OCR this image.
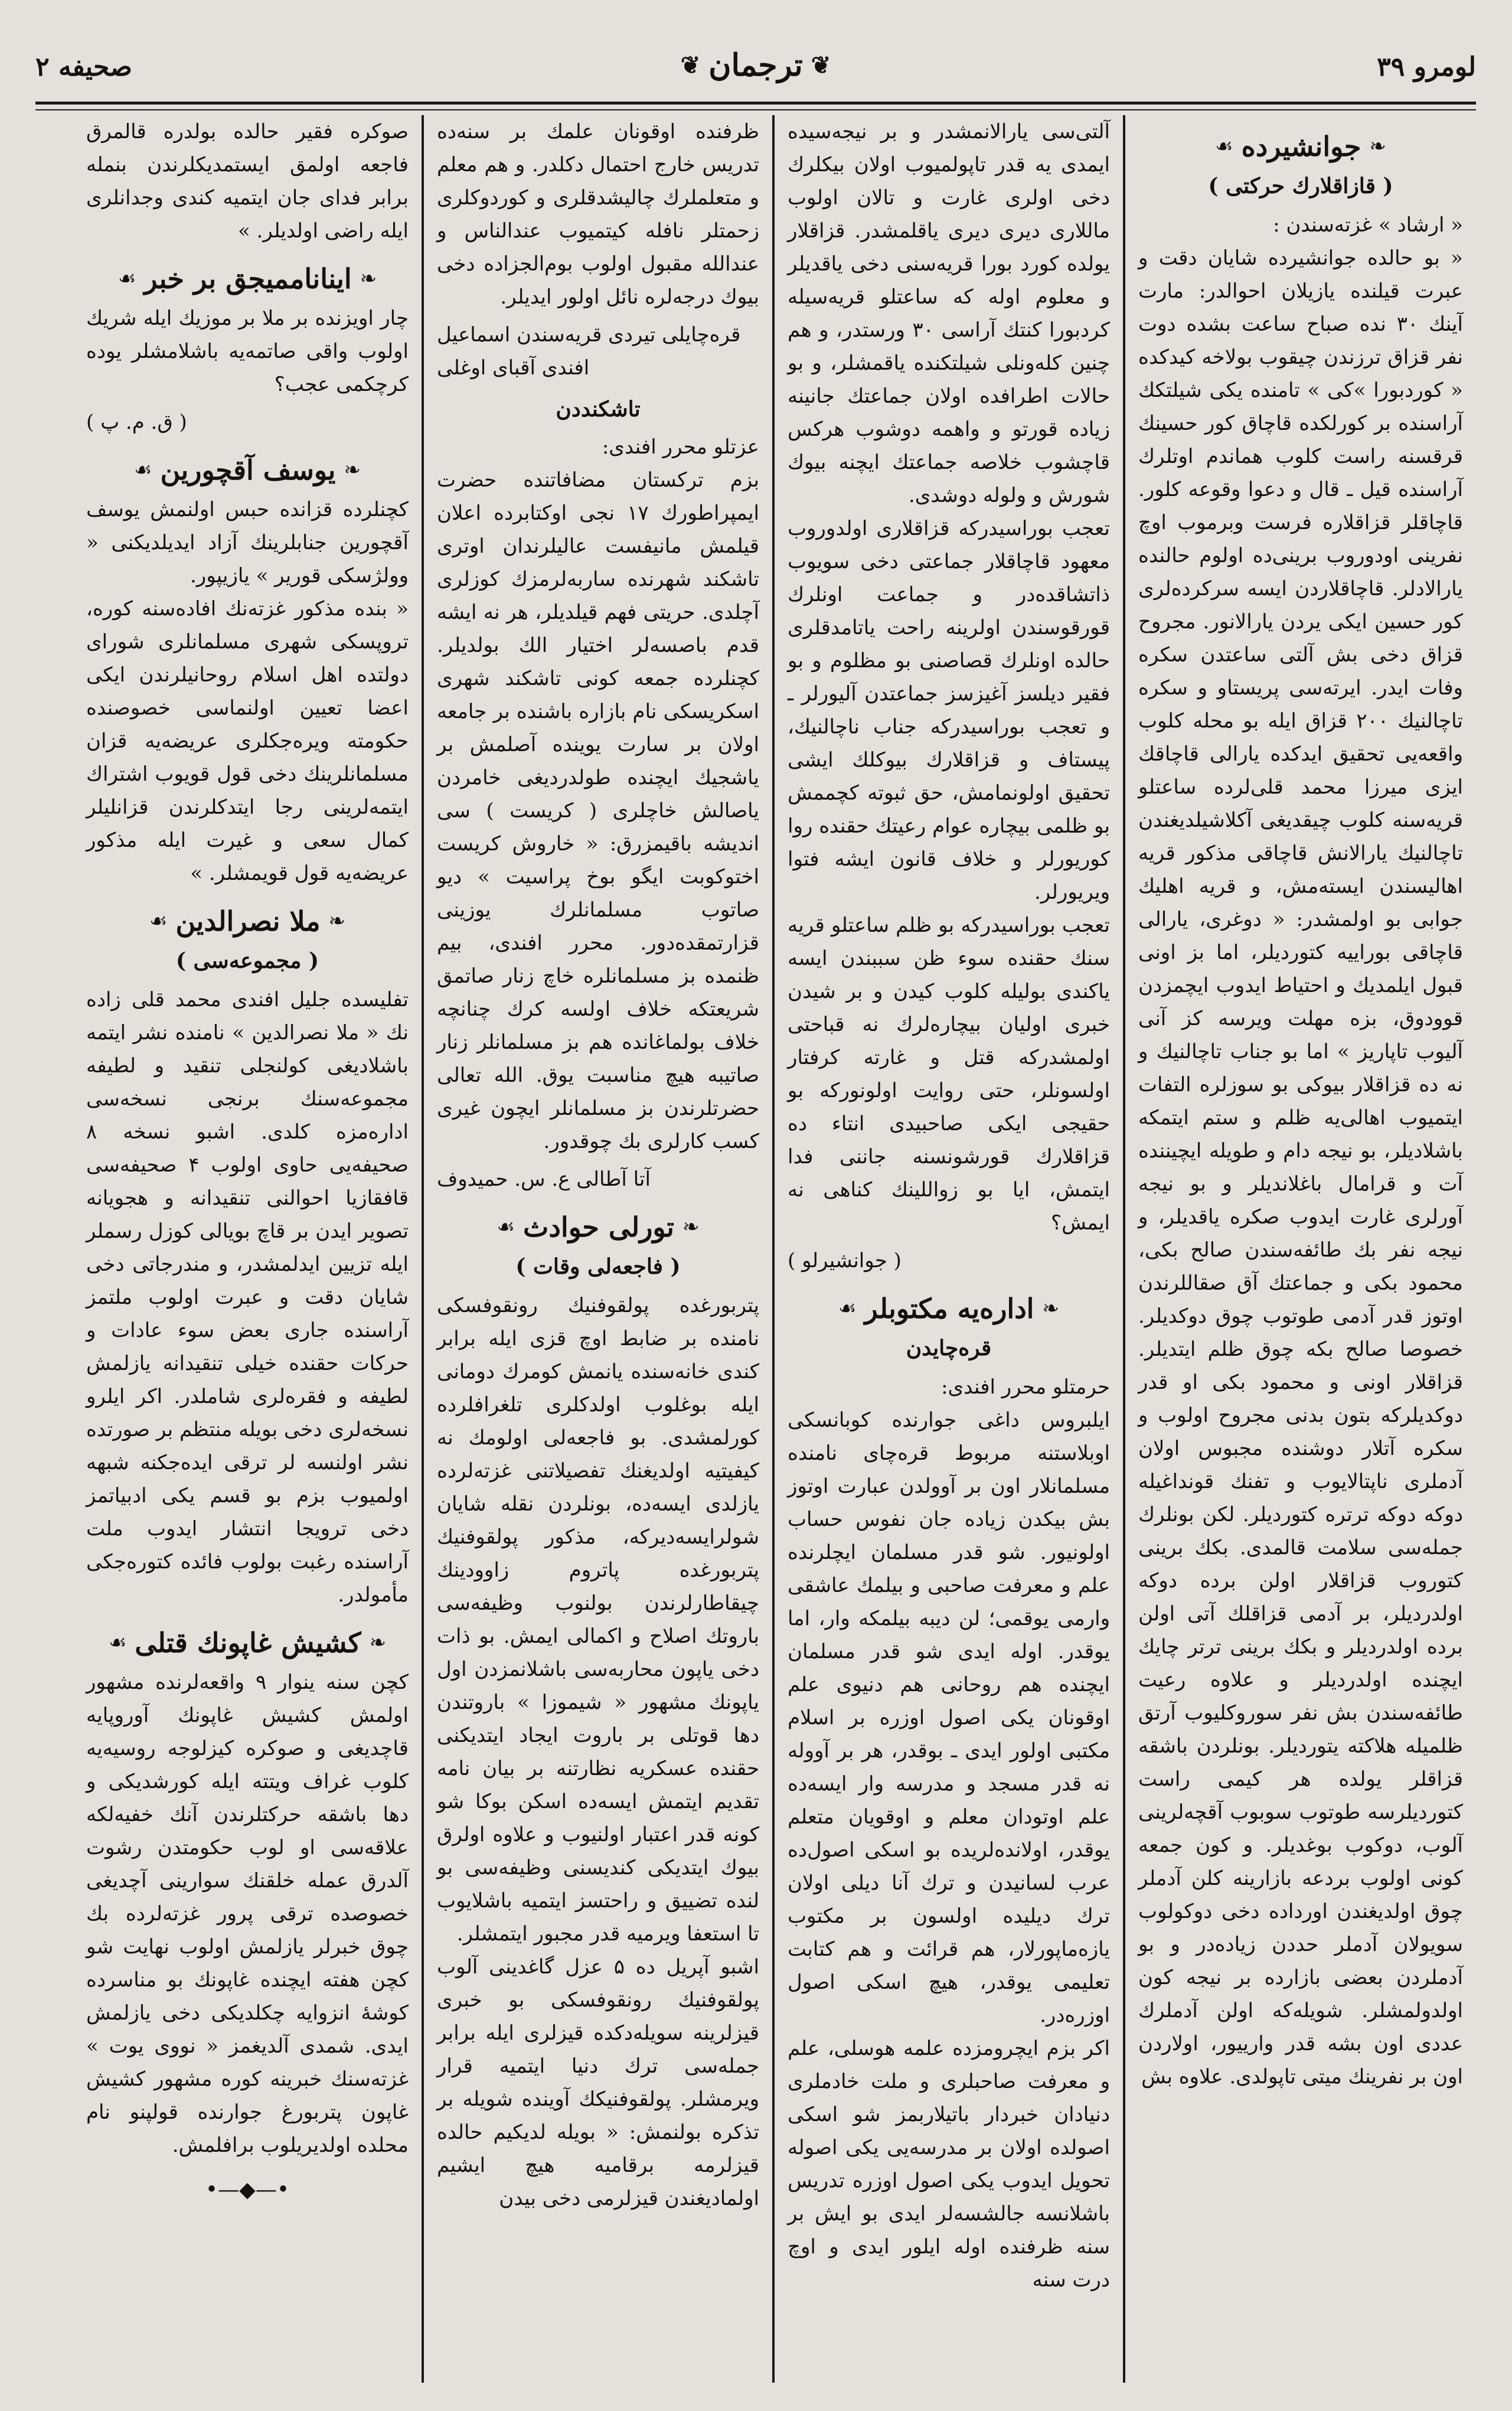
لومرو ۳۹
❦
ترجمان
❦
صحیفه ۲
❧
جوانشیرده
☙
( قازاقلارك حركتی )

« ارشاد » غزته‌سندن :

« بو حالده جوانشیرده شایان دقت و عبرت قیلنده یازیلان احوالدر: مارت آینك ۳۰ نده صباح ساعت بشده دوت نفر قزاق ترزندن چیقوب بولاخه کیدکده « کوردبورا »کی » تامنده یکی شیلتکك آراسنده بر کورلکده قاچاق کور حسینك قرقسنه راست کلوب هماندم اوتلرك آراسنده قیل ـ قال و دعوا وقوعه کلور. قاچاقلر قزاقلاره فرست وبرموب اوچ نفرینی او‌دوروب برینی‌ده اولوم حالنده یارالادلر. قاچاقلاردن ایسه سرکرده‌لری کور حسین ایکی یردن یارالانور. مجروح قزاق دخی بش آلتی ساعتدن سکره وفات ایدر. ایرته‌سی پریستاو و سکره تاچالنیك ۲۰۰ قزاق ایله بو محله کلوب واقعه‌یی تحقیق ایدکده یارالی قاچاقك ایزی میرزا محمد قلی‌لرده ساعتلو قریه‌سنه کلوب چیقدیغی آکلاشیلدیغندن تاچالنیك یارالانش قاچاقی مذکور قریه اهالیسندن ایسته‌مش، و قریه اهلیك جوابی بو اولمشدر: « دوغری، یارالی قاچاقی بوراییه کتوردیلر، اما بز اونی قبول ایلمدیك و احتیاط ایدوب ایچمزدن قوودوق، بزه مهلت ویرسه کز آنی آلیوب تاپاریز » اما بو جناب تاچالنیك و نه ده قزاقلار بیوکی بو سوزلره التفات ایتمیوب اهالی‌یه ظلم و ستم ایتمکه باشلادیلر، بو نیجه دام و طویله ایچیننده آت و قرامال باغلاندیلر و بو نیجه آورلری غارت ایدوب صکره یاقدیلر، و نیجه نفر بك طائفه‌سندن صالح بکی، محمود بکی و جماعتك آق صقاللرندن اوتوز قدر آدمی طوتوب چوق دوکدیلر. خصوصا صالح بکه چوق ظلم ایتدیلر. قزاقلار اونی و محمود بکی او قدر دوکدیلرکه بتون بدنی مجروح اولوب و سکره آتلار دوشنده مجبوس اولان آدملری ناپتالایوب و تفنك قونداغیله دوکه دوکه ترتره کتوردیلر. لکن بونلرك جمله‌سی سلامت قالمدی. بکك برینی کتوروب قزاقلار اولن برده دوکه اولدردیلر، بر آدمی قزاقلك آتی اولن برده اولدردیلر و بکك برینی ترتر چایك ایچنده اولدردیلر و علاوه رعیت طائفه‌سندن بش نفر سوروکلیوب آرتق ظلمیله هلاکته یتوردیلر. بونلردن باشقه قزاقلر یولده هر کیمی راست کتوردیلرسه طوتوب سوبوب آقچه‌لرینی آلوب، دوکوب بوغدیلر. و کون جمعه کونی اولوب بردعه بازارینه کلن آدملر چوق اولدیغندن اورداده دخی دوکولوب سویولان آدملر حددن زیاده‌در و بو آدملردن بعضی بازارده بر نیجه کون اولدولمشلر. شویله‌که اولن آدملرك عددی اون بشه قدر وارییور، اولاردن اون بر نفرینك میتی تاپولدی. علاوه بش

آلتی‌سی یارالانمشدر و بر نیجه‌سیده ایمدی یه قدر تاپولمیوب اولان بیکلرك دخی اولری غارت و تالان اولوب ماللاری دیری دیری یاقلمشدر. قزاقلار یولده کورد بورا قریه‌سنی دخی یاقدیلر و معلوم اوله که ساعتلو قریه‌سیله کردبورا کنتك آراسی ۳۰ ورستدر، و هم چنین کله‌ونلی شیلتکنده یاقمشلر، و بو حالات اطرافده اولان جماعتك جانینه زیاده قورتو و واهمه دوشوب هرکس قاچشوب خلاصه جماعتك ایچنه بیوك شورش و ولوله دوشدی.

تعجب بوراسیدرکه قزاقلاری اولدوروب معهود قاچاقلار جماعتی دخی سویوب ذاتشاقده‌در و جماعت اونلرك قورقوسندن اولرینه راحت یاتامدقلری حالده اونلرك قصاصنی بو مظلوم و بو فقیر دیلسز آغیزسز جماعتدن آلیورلر ـ و تعجب بوراسیدرکه جناب ناچالنیك، پیستاف و قزاقلارك بیوکلك ایشی تحقیق اولونمامش، حق ثبوته کچممش بو ظلمی بیچاره عوام رعیتك حقنده روا کوریورلر و خلاف قانون ایشه فتوا ویریورلر.

تعجب بوراسیدرکه بو ظلم ساعتلو قریه سنك حقنده سوء ظن سببندن ایسه یاکندی بولیله کلوب کیدن و بر شیدن خبری اولیان بیچاره‌لرك نه قباحتی اولمشدرکه قتل و غارته کرفتار اولسونلر، حتی روایت اولونورکه بو حقیجی ایکی صاحبیدی انتاء ده قزاقلارك قورشونسنه جاننی فدا ایتمش، ایا بو زواللینك کناهی نه ایمش؟

( جوانشیرلو )
❧
اداره‌یه مکتوبلر
☙
قره‌چایدن

حرمتلو محرر افندی:

ایلبروس داغی جوارنده کوبانسکی اوبلاستنه مربوط قره‌چای نامنده مسلمانلار اون بر آوولدن عبارت اوتوز بش بیکدن زیاده جان نفوس حساب اولونیور. شو قدر مسلمان ایچلرنده علم و معرفت صاحبی و بیلمك عاشقی وارمی یوقمی؛ لن دیبه بیلمکه وار، اما یوقدر. اوله ایدی شو قدر مسلمان ایچنده هم روحانی هم دنیوی علم اوقونان یکی اصول اوزره بر اسلام مکتبی اولور ایدی ـ بوقدر، هر بر آووله نه قدر مسجد و مدرسه وار ایسه‌ده علم اوتودان معلم و اوقویان متعلم یوقدر، اولانده‌لریده بو اسکی اصول‌ده عرب لسانیدن و ترك آنا دیلی اولان ترك دیلیده اولسون بر مکتوب یازه‌ماپورلار، هم قرائت و هم کتابت تعلیمی یوقدر، هیچ اسکی اصول اوزره‌در.

اکر بزم ایچرومزده علمه هوسلی، علم و معرفت صاحبلری و ملت خادملری دنیادان خبردار باتیلاربمز شو اسکی اصولده اولان بر مدرسه‌یی یکی اصوله تحویل ایدوب یکی اصول اوزره تدریس باشلانسه جالشسه‌لر ایدی بو ایش بر سنه ظرفنده اوله ایلور ایدی و اوچ درت سنه

ظرفنده اوقونان علمك بر سنه‌ده تدریس خارج احتمال دکلدر. و هم معلم و متعلملرك چالیشدقلری و کوردوکلری زحمتلر نافله کیتمیوب عندالناس و عندالله مقبول اولوب بوم‌الجزاده دخی بیوك درجه‌لره نائل اولور ایدیلر.

قره‌چایلی تیردی قریه‌سندن اسماعیل افندی آقبای اوغلی
تاشکنددن

عزتلو محرر افندی:

بزم ترکستان مضافاتنده حضرت ایمپراطورك ۱۷ نجی اوکتابرده اعلان قیلمش مانیفست عالیلرندان اوتری تاشکند شهرنده ساربه‌لرمزك کوزلری آچلدی. حریتی فهم قیلدیلر، هر نه ایشه قدم باصسه‌لر اختیار الك بولدیلر. کچنلرده جمعه کونی تاشکند شهری اسکریسکی نام بازاره باشنده بر جامعه اولان بر سارت یوینده آصلمش بر یاشجیك ایچنده طولدردیغی خامردن یاصالش خاچلری ( کریست ) سی اندیشه باقیمزرق: « خاروش کریست اختوکوبت ایگو بوخ پراسیت » دیو صاتوب مسلمانلرك یوزینی قزارتمقده‌دور. محرر افندی، بیم ظنمده بز مسلمانلره خاچ زنار صاتمق شریعتکه خلاف اولسه کرك چنانچه خلاف بولماغانده هم بز مسلمانلر زنار صاتیبه هیچ مناسبت یوق. الله تعالی حضرتلرندن بز مسلمانلر ایچون غیری کسب کارلری بك چوقدور.

آتا آطالی ع. س. حمیدوف
❧
تورلی حوادث
☙
( فاجعه‌لی وقات )

پتربورغده پولقوفنیك رونقوفسکی نامنده بر ضابط اوچ قزی ایله برابر کندی خانه‌سنده یانمش کومرك دومانی ایله بوغلوب اولدکلری تلغرافلرده کورلمشدی. بو فاجعه‌لی اولومك نه کیفیتیه اولدیغنك تفصیلاتنی غزته‌لرده یازلدی ایسه‌ده، بونلردن نقله شایان شولرایسه‌دیرکه، مذکور پولقوفنیك پتربورغده پاتروم زاوودینك چیقاطارلرندن بولنوب وظیفه‌سی باروتك اصلاح و اکمالی ایمش. بو ذات دخی یاپون محاربه‌سی باشلانمزدن اول یاپونك مشهور « شیموزا » باروتندن دها قوتلی بر باروت ایجاد ایتدیکنی حقنده عسکریه نظارتنه بر بیان نامه تقدیم ایتمش ایسه‌ده اسکن بوکا شو کونه قدر اعتبار اولنیوب و علاوه اولرق بیوك ایتدیکی کندیسنی وظیفه‌سی بو لنده تضییق و راحتسز ایتمیه باشلایوب تا استعفا ویرمیه قدر مجبور ایتمشلر.

اشبو آپریل ده ۵ عزل گاغدینی آلوب پولقوفنیك رونقوفسکی بو خبری قیزلرینه سویله‌دکده قیزلری ایله برابر جمله‌سی ترك دنیا ایتمیه قرار ویرمشلر. پولقوفنیکك آوینده شویله بر تذکره بولنمش: « بویله لدیکیم حالده قیزلرمه برقامیه هیچ ایشیم اولمادیغندن قیزلرمی دخی بیدن

صوکره فقیر حالده بولدره قالمرق فاجعه اولمق ایستمدیکلرندن بنمله برابر فدای جان ایتمیه کندی وجدانلری ایله راضی اولدیلر. »

❧
ایناناممیجق بر خبر
☙

چار اویزنده بر ملا بر موزیك ایله شریك اولوب واقی صاتمه‌یه باشلامشلر یوده کرچکمی عجب؟

( ق. م. پ )
❧
یوسف آقچورین
☙

کچنلرده قزانده حبس اولنمش یوسف آقچورین جنابلرینك آزاد ایدیلدیکنی « وولژسکی قوریر » یازیپور.

« بنده مذکور غزته‌نك افاده‌سنه کوره، تروپسکی شهری مسلمانلری شورای دولتده اهل اسلام روحانیلرندن ایکی اعضا تعیین اولنماسی خصوصنده حکومته ویره‌جکلری عریضه‌یه قزان مسلمانلرینك دخی قول قویوب اشتراك ایتمه‌لرینی رجا ایتدکلرندن قزانلیلر کمال سعی و غیرت ایله مذکور عریضه‌یه قول قویمشلر. »

❧
ملا نصرالدین
☙
( مجموعه‌سی )

تفلیسده جلیل افندی محمد قلی زاده نك « ملا نصرالدین » نامنده نشر ایتمه باشلادیغی کولنجلی تنقید و لطیفه مجموعه‌سنك برنجی نسخه‌سی اداره‌مزه کلدی. اشبو نسخه ۸ صحیفه‌یی حاوی اولوب ۴ صحیفه‌سی قافقازیا احوالنی تنقیدانه و هجویانه تصویر ایدن بر قاچ بویالی کوزل رسملر ایله تزیین ایدلمشدر، و مندرجاتی دخی شایان دقت و عبرت اولوب ملتمز آراسنده جاری بعض سوء عادات و حرکات حقنده خیلی تنقیدانه یازلمش لطیفه و فقره‌لری شاملدر. اکر ایلرو نسخه‌لری دخی بویله منتظم بر صورتده نشر اولنسه لر ترقی ایده‌جکنه شبهه اولمیوب بزم بو قسم یکی ادبیاتمز دخی ترویجا انتشار ایدوب ملت آراسنده رغبت بولوب فائده کتوره‌جکی مأمولدر.

❧
کشیش غاپونك قتلی
☙

کچن سنه ینوار ۹ واقعه‌لرنده مشهور اولمش کشیش غاپونك آوروپایه قاچدیغی و صوکره کیزلوجه روسیه‌یه کلوب غراف ویتته ایله کورشدیکی و دها باشقه حرکتلرندن آنك خفیه‌لکه علاقه‌سی او لوب حکومتدن رشوت آلدرق عمله خلقنك سوارینی آچدیغی خصوصده ترقی پرور غزته‌لرده بك چوق خبرلر یازلمش اولوب نهایت شو کچن هفته ایچنده غاپونك بو مناسرده کوشهٔ انزوایه چکلدیکی دخی یازلمش ایدی. شمدی آلدیغمز « نووی یوت » غزته‌سنك خبرینه کوره مشهور کشیش غاپون پتربورغ جوارنده قولپنو نام محلده اولدیریلوب برافلمش.

•—◆—•
